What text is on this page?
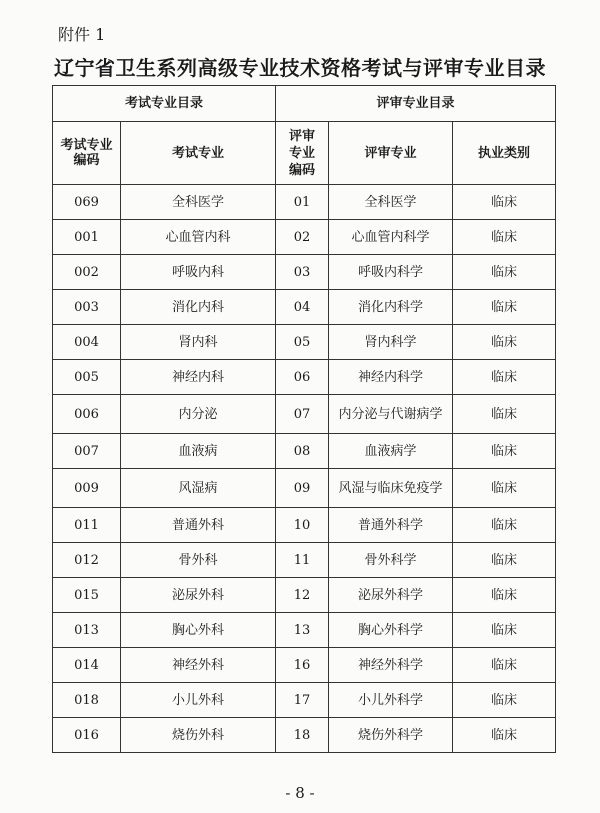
附件 1
辽宁省卫生系列高级专业技术资格考试与评审专业目录
考试专业目录		评审专业目录		
考试专业编码	考试专业	评审专业编码	评审专业	执业类别
069	全科医学	01	全科医学	临床
001	心血管内科	02	心血管内科学	临床
002	呼吸内科	03	呼吸内科学	临床
003	消化内科	04	消化内科学	临床
004	肾内科	05	肾内科学	临床
005	神经内科	06	神经内科学	临床
006	内分泌	07	内分泌与代谢病学	临床
007	血液病	08	血液病学	临床
009	风湿病	09	风湿与临床免疫学	临床
011	普通外科	10	普通外科学	临床
012	骨外科	11	骨外科学	临床
015	泌尿外科	12	泌尿外科学	临床
013	胸心外科	13	胸心外科学	临床
014	神经外科	16	神经外科学	临床
018	小儿外科	17	小儿外科学	临床
016	烧伤外科	18	烧伤外科学	临床
- 8 -
